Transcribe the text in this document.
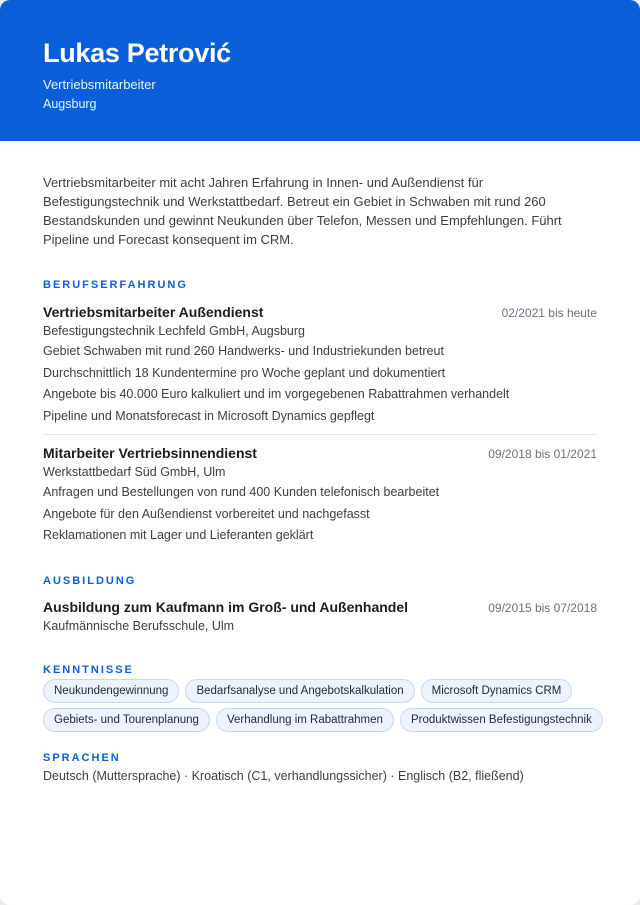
Lukas Petrović
Vertriebsmitarbeiter
Augsburg

Vertriebsmitarbeiter mit acht Jahren Erfahrung in Innen- und Außendienst für Befestigungstechnik und Werkstattbedarf. Betreut ein Gebiet in Schwaben mit rund 260 Bestandskunden und gewinnt Neukunden über Telefon, Messen und Empfehlungen. Führt Pipeline und Forecast konsequent im CRM.

BERUFSERFAHRUNG
Vertriebsmitarbeiter Außendienst	02/2021 bis heute
Befestigungstechnik Lechfeld GmbH, Augsburg
Gebiet Schwaben mit rund 260 Handwerks- und Industriekunden betreut
Durchschnittlich 18 Kundentermine pro Woche geplant und dokumentiert
Angebote bis 40.000 Euro kalkuliert und im vorgegebenen Rabattrahmen verhandelt
Pipeline und Monatsforecast in Microsoft Dynamics gepflegt
Mitarbeiter Vertriebsinnendienst	09/2018 bis 01/2021
Werkstattbedarf Süd GmbH, Ulm
Anfragen und Bestellungen von rund 400 Kunden telefonisch bearbeitet
Angebote für den Außendienst vorbereitet und nachgefasst
Reklamationen mit Lager und Lieferanten geklärt
AUSBILDUNG
Ausbildung zum Kaufmann im Groß- und Außenhandel	09/2015 bis 07/2018
Kaufmännische Berufsschule, Ulm
KENNTNISSE
Neukundengewinnung	Bedarfsanalyse und Angebotskalkulation	Microsoft Dynamics CRM
Gebiets- und Tourenplanung	Verhandlung im Rabattrahmen	Produktwissen Befestigungstechnik
SPRACHEN
Deutsch (Muttersprache) · Kroatisch (C1, verhandlungssicher) · Englisch (B2, fließend)
